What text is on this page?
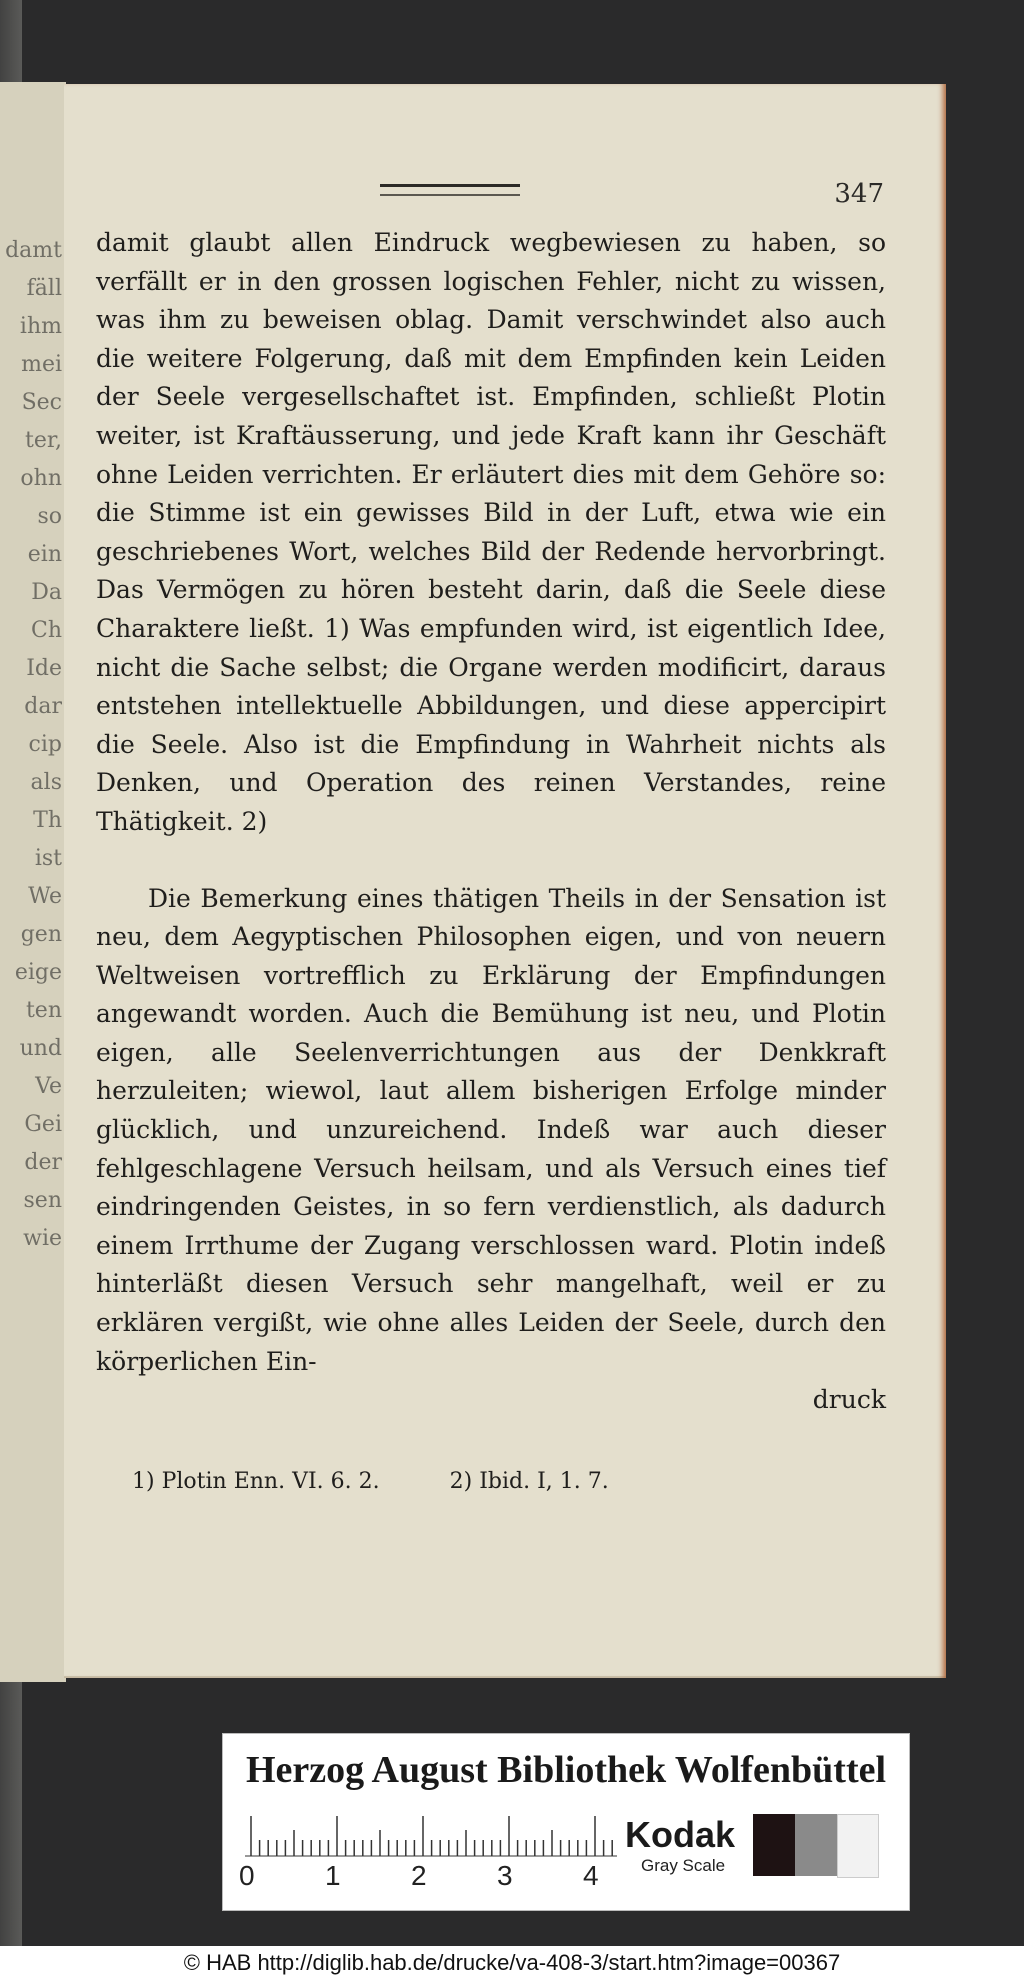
damt fäll ihm mei Sec ter, ohn so ein Da Ch Ide dar cip als Th ist We gen eige ten und Ve Gei der sen wie
347

damit glaubt allen Eindruck wegbewiesen zu haben, so verfällt er in den grossen logischen Fehler, nicht zu wissen, was ihm zu beweisen oblag. Damit verschwindet also auch die weitere Folgerung, daß mit dem Empfinden kein Leiden der Seele vergesellschaftet ist. Empfinden, schließt Plotin weiter, ist Kraftäusserung, und jede Kraft kann ihr Geschäft ohne Leiden verrichten. Er erläutert dies mit dem Gehöre so: die Stimme ist ein gewisses Bild in der Luft, etwa wie ein geschriebenes Wort, welches Bild der Redende hervorbringt. Das Vermögen zu hören besteht darin, daß die Seele diese Charaktere ließt. 1) Was empfunden wird, ist eigentlich Idee, nicht die Sache selbst; die Organe werden modificirt, daraus entstehen intellektuelle Abbildungen, und diese appercipirt die Seele. Also ist die Empfindung in Wahrheit nichts als Denken, und Operation des reinen Verstandes, reine Thätigkeit. 2)

Die Bemerkung eines thätigen Theils in der Sensation ist neu, dem Aegyptischen Philosophen eigen, und von neuern Weltweisen vortrefflich zu Erklärung der Empfindungen angewandt worden. Auch die Bemühung ist neu, und Plotin eigen, alle Seelenverrichtungen aus der Denkkraft herzuleiten; wiewol, laut allem bisherigen Erfolge minder glücklich, und unzureichend. Indeß war auch dieser fehlgeschlagene Versuch heilsam, und als Versuch eines tief eindringenden Geistes, in so fern verdienstlich, als dadurch einem Irrthume der Zugang verschlossen ward. Plotin indeß hinterläßt diesen Versuch sehr mangelhaft, weil er zu erklären vergißt, wie ohne alles Leiden der Seele, durch den körperlichen Ein-

druck

1) Plotin Enn. VI. 6. 2.	2) Ibid. I, 1. 7.
Herzog August Bibliothek Wolfenbüttel
0	1	2	3	4
Kodak
Gray Scale
© HAB http://diglib.hab.de/drucke/va-408-3/start.htm?image=00367
